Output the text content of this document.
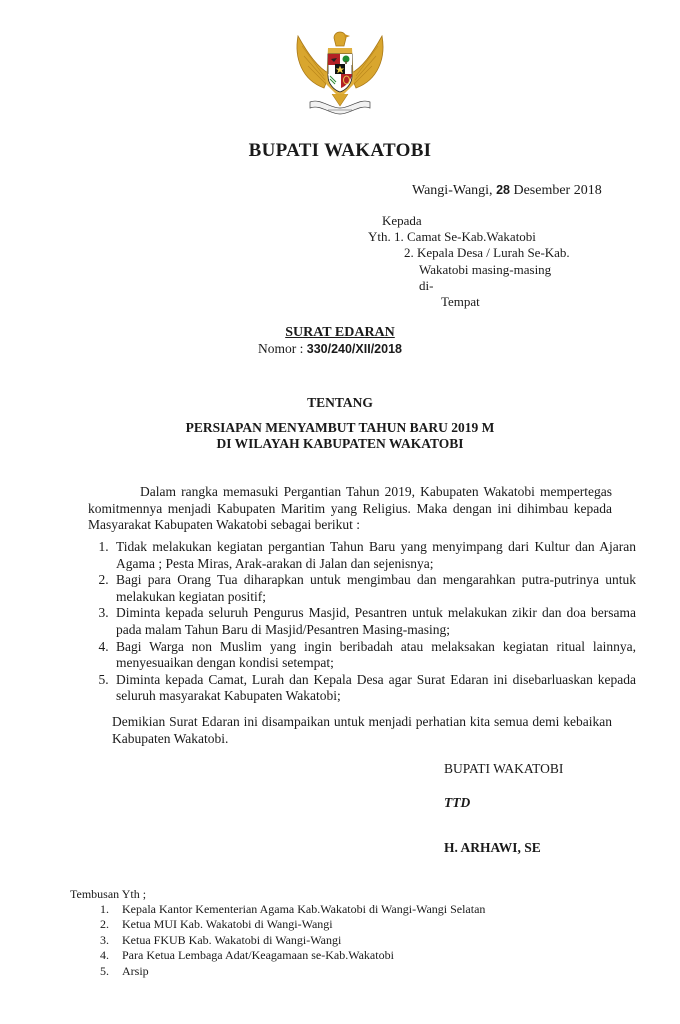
BUPATI WAKATOBI
Wangi-Wangi, 28 Desember 2018
Kepada
Yth. 1. Camat Se-Kab.Wakatobi
2. Kepala Desa / Lurah Se-Kab.
Wakatobi masing-masing
di-
Tempat
SURAT EDARAN
Nomor : 330/240/XII/2018
TENTANG
PERSIAPAN MENYAMBUT TAHUN BARU 2019 M
DI WILAYAH KABUPATEN WAKATOBI
Dalam rangka memasuki Pergantian Tahun 2019, Kabupaten Wakatobi mempertegas komitmennya menjadi Kabupaten Maritim yang Religius. Maka dengan ini dihimbau kepada Masyarakat Kabupaten Wakatobi sebagai berikut :
1. Tidak melakukan kegiatan pergantian Tahun Baru yang menyimpang dari Kultur dan Ajaran Agama ; Pesta Miras, Arak-arakan di Jalan dan sejenisnya;
2. Bagi para Orang Tua diharapkan untuk mengimbau dan mengarahkan putra-putrinya untuk melakukan kegiatan positif;
3. Diminta kepada seluruh Pengurus Masjid, Pesantren untuk melakukan zikir dan doa bersama pada malam Tahun Baru di Masjid/Pesantren Masing-masing;
4. Bagi Warga non Muslim yang ingin beribadah atau melaksakan kegiatan ritual lainnya, menyesuaikan dengan kondisi setempat;
5. Diminta kepada Camat, Lurah dan Kepala Desa agar Surat Edaran ini disebarluaskan kepada seluruh masyarakat Kabupaten Wakatobi;
Demikian Surat Edaran ini disampaikan untuk menjadi perhatian kita semua demi kebaikan Kabupaten Wakatobi.
BUPATI WAKATOBI
TTD
H. ARHAWI, SE
Tembusan Yth ;
1. Kepala Kantor Kementerian Agama Kab.Wakatobi di Wangi-Wangi Selatan
2. Ketua MUI Kab. Wakatobi di Wangi-Wangi
3. Ketua FKUB Kab. Wakatobi di Wangi-Wangi
4. Para Ketua Lembaga Adat/Keagamaan se-Kab.Wakatobi
5. Arsip
